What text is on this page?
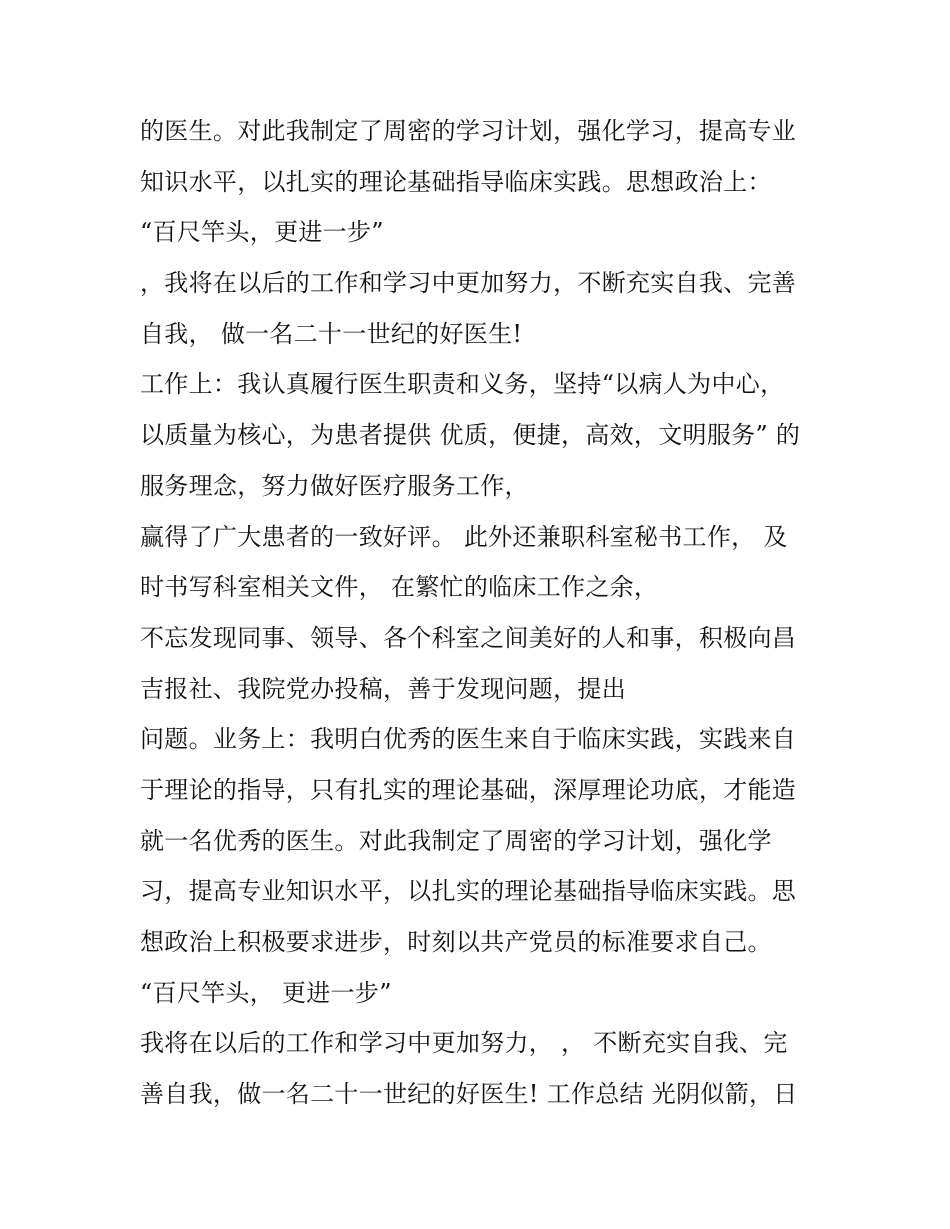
的医生。对此我制定了周密的学习计划，强化学习，提高专业
知识水平，以扎实的理论基础指导临床实践。思想政治上：
“百尺竿头，更进一步”
，我将在以后的工作和学习中更加努力，不断充实自我、完善
自我， 做一名二十一世纪的好医生!
工作上：我认真履行医生职责和义务，坚持“以病人为中心，
以质量为核心，为患者提供 优质，便捷，高效，文明服务” 的
服务理念，努力做好医疗服务工作，
赢得了广大患者的一致好评。 此外还兼职科室秘书工作， 及
时书写科室相关文件， 在繁忙的临床工作之余，
不忘发现同事、领导、各个科室之间美好的人和事，积极向昌
吉报社、我院党办投稿，善于发现问题，提出
问题。业务上：我明白优秀的医生来自于临床实践，实践来自
于理论的指导，只有扎实的理论基础，深厚理论功底，才能造
就一名优秀的医生。对此我制定了周密的学习计划，强化学
习，提高专业知识水平，以扎实的理论基础指导临床实践。思
想政治上积极要求进步，时刻以共产党员的标准要求自己。
“百尺竿头， 更进一步”
我将在以后的工作和学习中更加努力， ， 不断充实自我、完
善自我，做一名二十一世纪的好医生! 工作总结 光阴似箭，日
